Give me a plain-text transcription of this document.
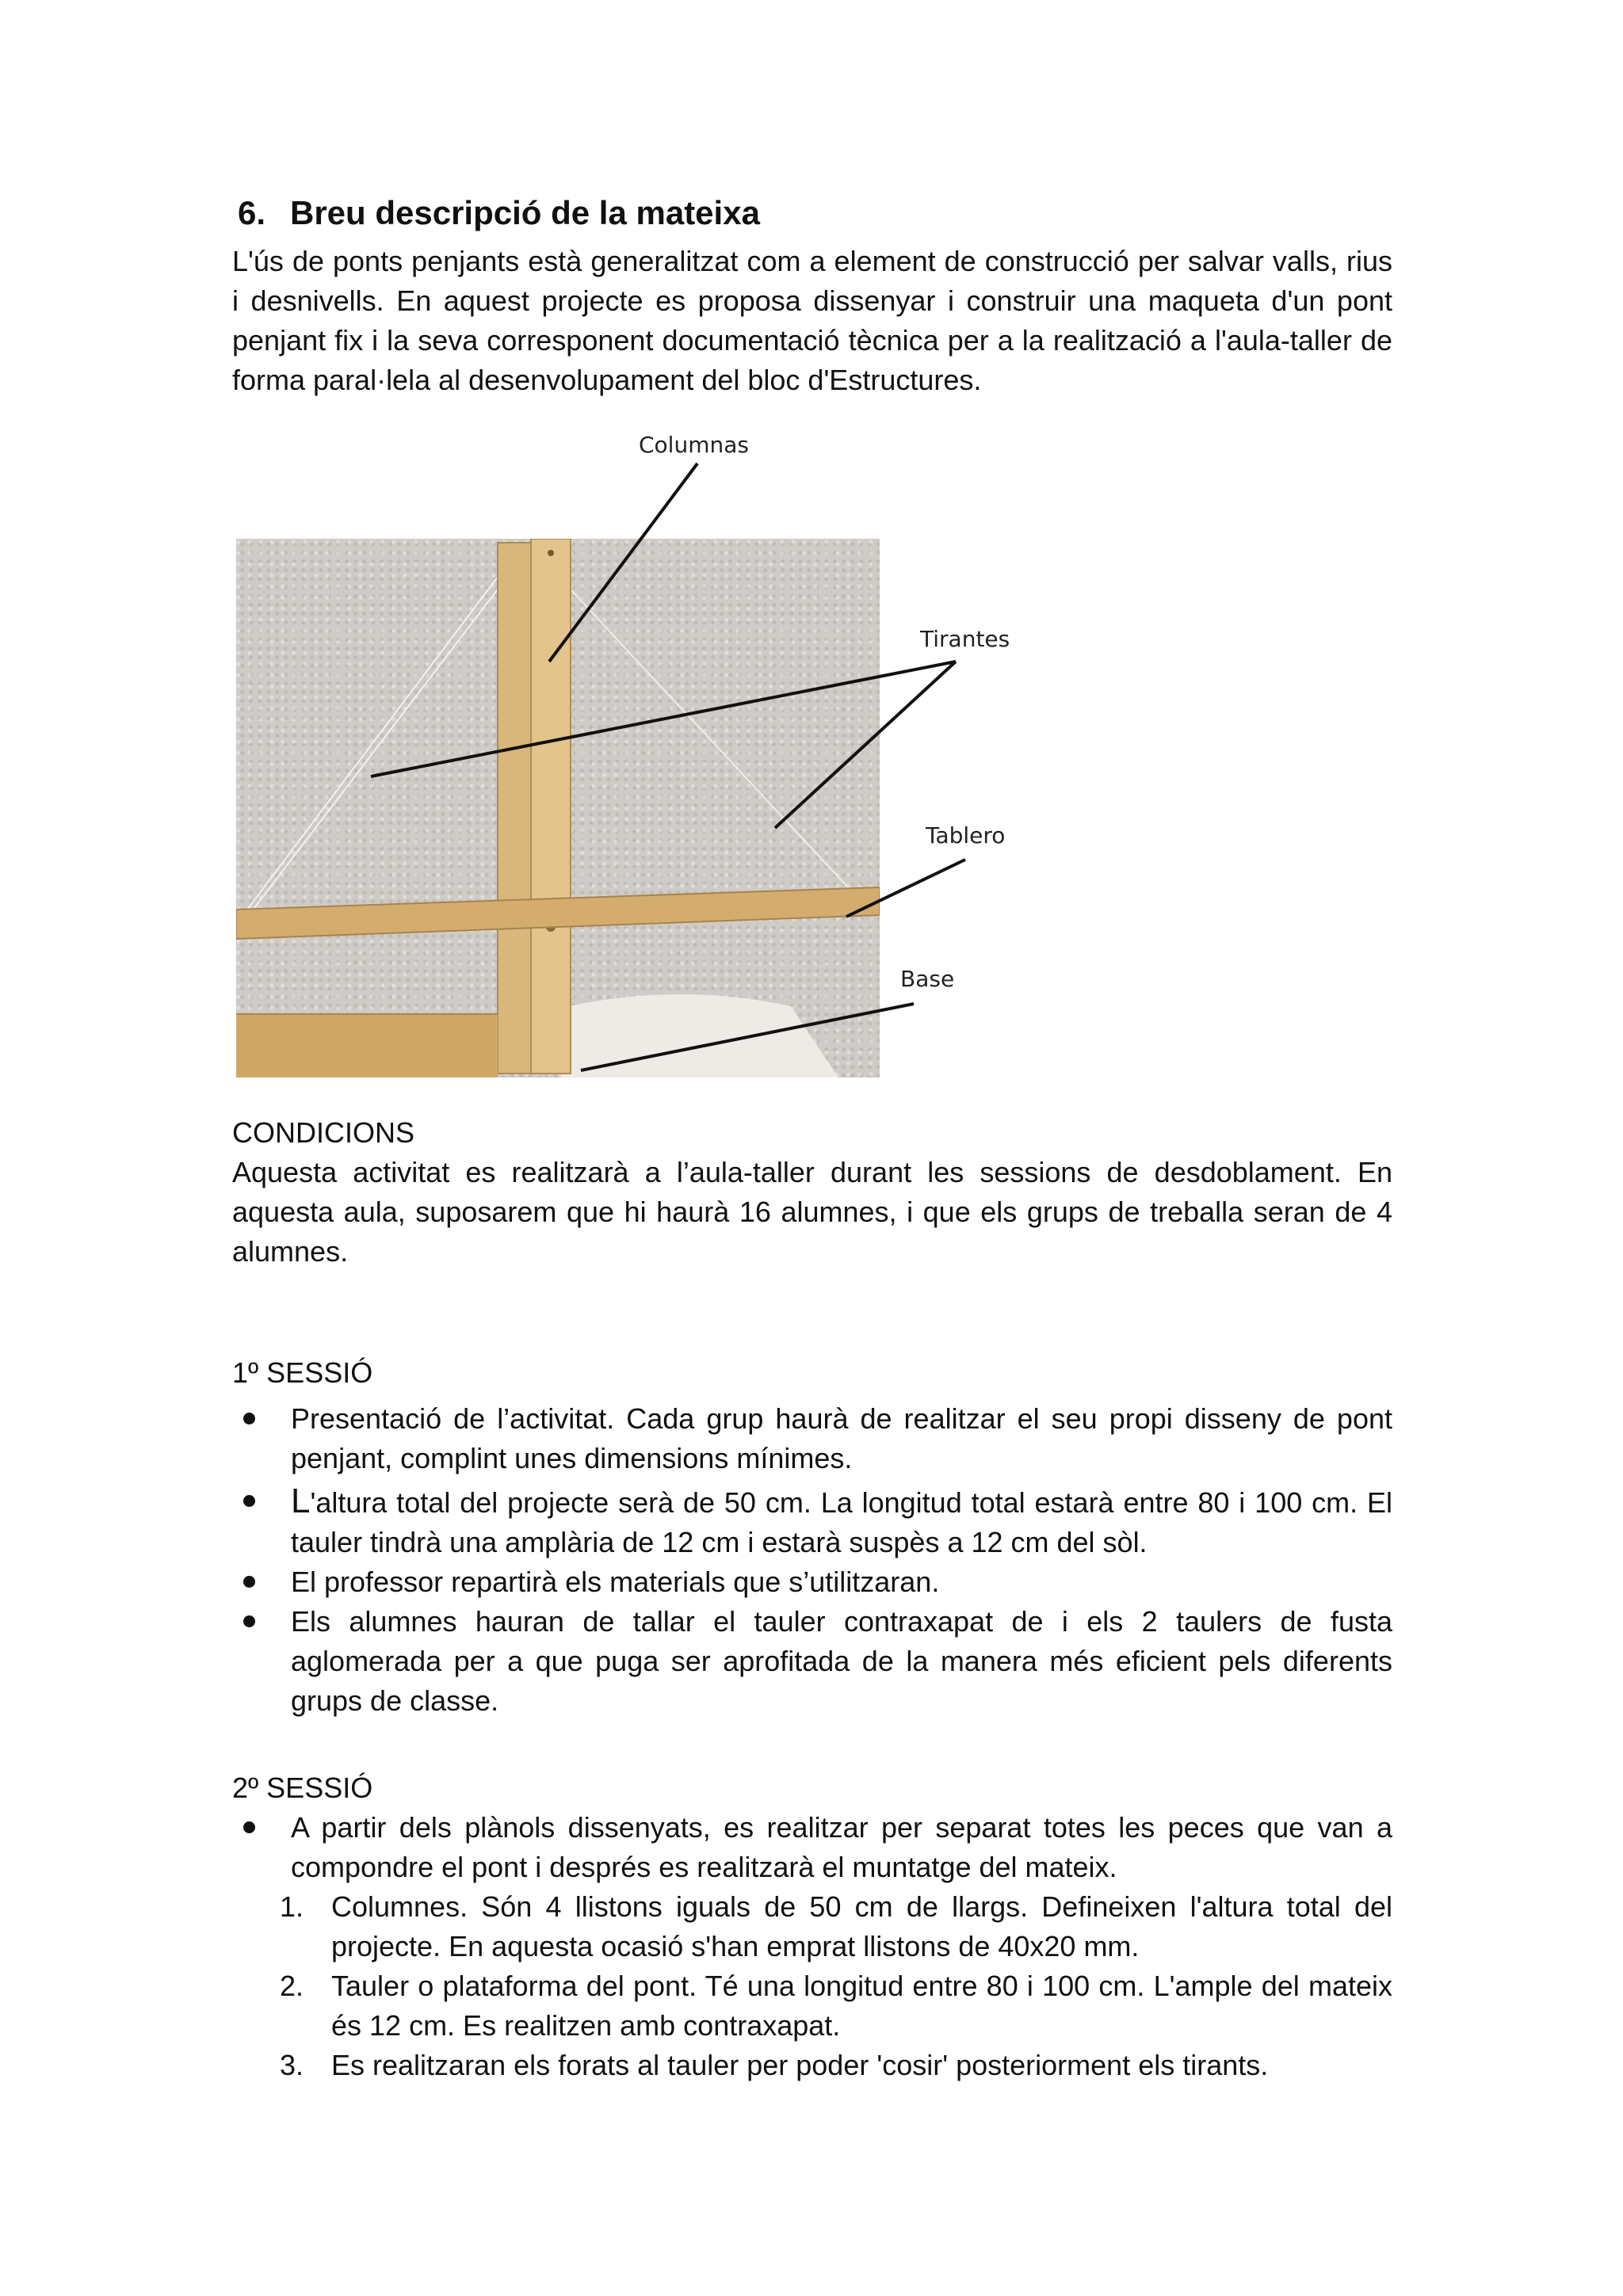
6. Breu descripció de la mateixa

L'ús de ponts penjants està generalitzat com a element de construcció per salvar valls, rius i desnivells. En aquest projecte es proposa dissenyar i construir una maqueta d'un pont penjant fix i la seva corresponent documentació tècnica per a la realització a l'aula-taller de forma paral·lela al desenvolupament del bloc d'Estructures.

Columnas
Tirantes
Tablero
Base
CONDICIONS

Aquesta activitat es realitzarà a l’aula-taller durant les sessions de desdoblament. En aquesta aula, suposarem que hi haurà 16 alumnes, i que els grups de treballa seran de 4 alumnes.

1º SESSIÓ
Presentació de l’activitat. Cada grup haurà de realitzar el seu propi disseny de pont penjant, complint unes dimensions mínimes.
L'altura total del projecte serà de 50 cm. La longitud total estarà entre 80 i 100 cm. El tauler tindrà una amplària de 12 cm i estarà suspès a 12 cm del sòl.
El professor repartirà els materials que s’utilitzaran.
Els alumnes hauran de tallar el tauler contraxapat de i els 2 taulers de fusta aglomerada per a que puga ser aprofitada de la manera més eficient pels diferents grups de classe.
2º SESSIÓ
A partir dels plànols dissenyats, es realitzar per separat totes les peces que van a compondre el pont i després es realitzarà el muntatge del mateix.
1. Columnes. Són 4 llistons iguals de 50 cm de llargs. Defineixen l'altura total del projecte. En aquesta ocasió s'han emprat llistons de 40x20 mm.
2. Tauler o plataforma del pont. Té una longitud entre 80 i 100 cm. L'ample del mateix és 12 cm. Es realitzen amb contraxapat.
3. Es realitzaran els forats al tauler per poder 'cosir' posteriorment els tirants.
